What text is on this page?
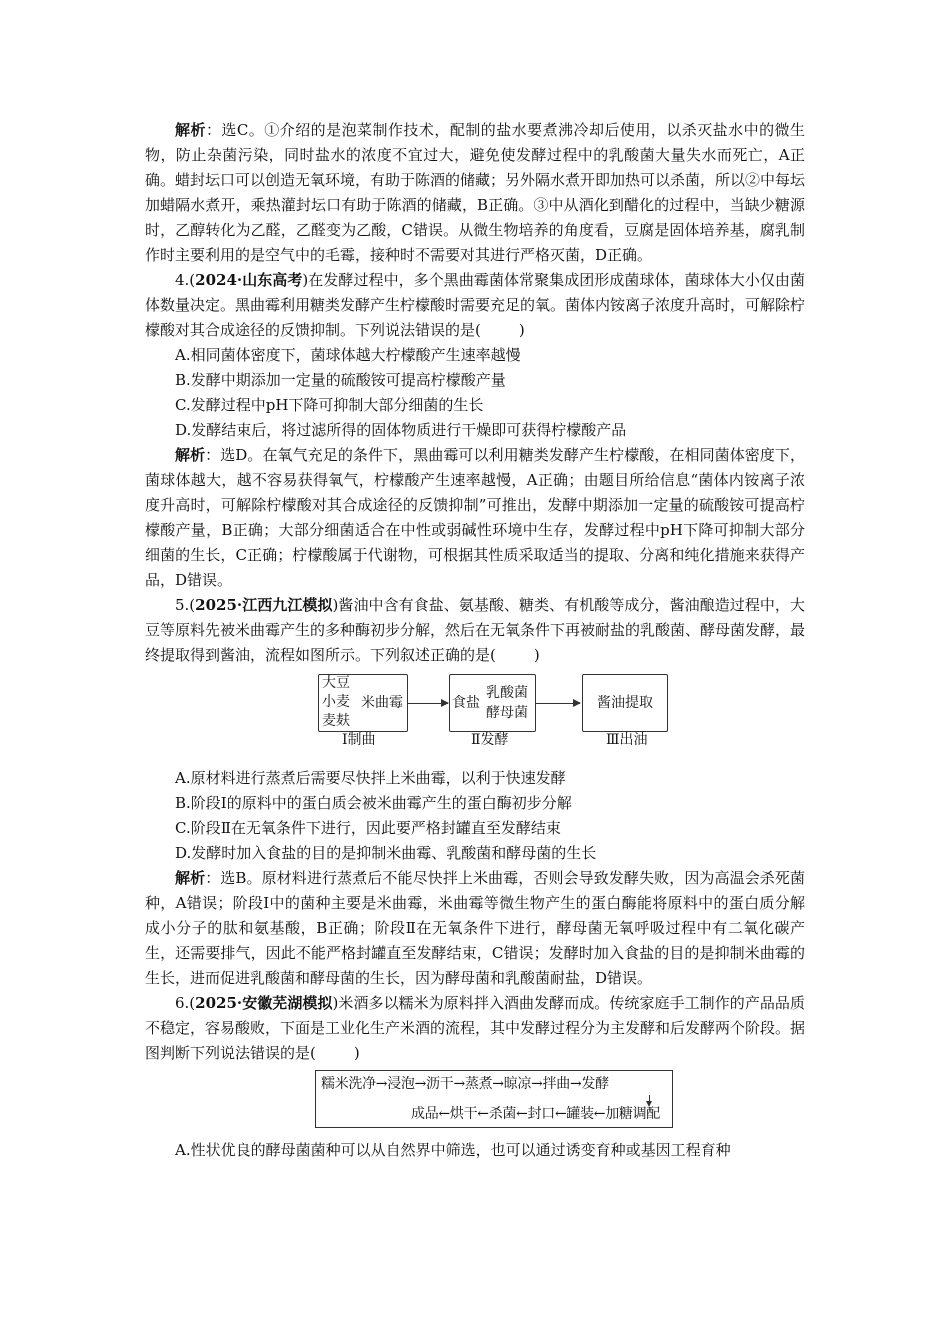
解析：选C。①介绍的是泡菜制作技术，配制的盐水要煮沸冷却后使用，以杀灭盐水中的微生物，防止杂菌污染，同时盐水的浓度不宜过大，避免使发酵过程中的乳酸菌大量失水而死亡，A正确。蜡封坛口可以创造无氧环境，有助于陈酒的储藏；另外隔水煮开即加热可以杀菌，所以②中每坛加蜡隔水煮开，乘热灌封坛口有助于陈酒的储藏，B正确。③中从酒化到醋化的过程中，当缺少糖源时，乙醇转化为乙醛，乙醛变为乙酸，C错误。从微生物培养的角度看，豆腐是固体培养基，腐乳制作时主要利用的是空气中的毛霉，接种时不需要对其进行严格灭菌，D正确。

4.(2024·山东高考)在发酵过程中，多个黑曲霉菌体常聚集成团形成菌球体，菌球体大小仅由菌体数量决定。黑曲霉利用糖类发酵产生柠檬酸时需要充足的氧。菌体内铵离子浓度升高时，可解除柠檬酸对其合成途径的反馈抑制。下列说法错误的是(	)

A.相同菌体密度下，菌球体越大柠檬酸产生速率越慢

B.发酵中期添加一定量的硫酸铵可提高柠檬酸产量

C.发酵过程中pH下降可抑制大部分细菌的生长

D.发酵结束后，将过滤所得的固体物质进行干燥即可获得柠檬酸产品

解析：选D。在氧气充足的条件下，黑曲霉可以利用糖类发酵产生柠檬酸，在相同菌体密度下，菌球体越大，越不容易获得氧气，柠檬酸产生速率越慢，A正确；由题目所给信息“菌体内铵离子浓度升高时，可解除柠檬酸对其合成途径的反馈抑制”可推出，发酵中期添加一定量的硫酸铵可提高柠檬酸产量，B正确；大部分细菌适合在中性或弱碱性环境中生存，发酵过程中pH下降可抑制大部分细菌的生长，C正确；柠檬酸属于代谢物，可根据其性质采取适当的提取、分离和纯化措施来获得产品，D错误。

5.(2025·江西九江模拟)酱油中含有食盐、氨基酸、糖类、有机酸等成分，酱油酿造过程中，大豆等原料先被米曲霉产生的多种酶初步分解，然后在无氧条件下再被耐盐的乳酸菌、酵母菌发酵，最终提取得到酱油，流程如图所示。下列叙述正确的是(	)

大豆
小麦
麦麸
米曲霉	食盐
乳酸菌
酵母菌
酱油提取
Ⅰ制曲	Ⅱ发酵	Ⅲ出油

A.原材料进行蒸煮后需要尽快拌上米曲霉，以利于快速发酵

B.阶段Ⅰ的原料中的蛋白质会被米曲霉产生的蛋白酶初步分解

C.阶段Ⅱ在无氧条件下进行，因此要严格封罐直至发酵结束

D.发酵时加入食盐的目的是抑制米曲霉、乳酸菌和酵母菌的生长

解析：选B。原材料进行蒸煮后不能尽快拌上米曲霉，否则会导致发酵失败，因为高温会杀死菌种，A错误；阶段Ⅰ中的菌种主要是米曲霉，米曲霉等微生物产生的蛋白酶能将原料中的蛋白质分解成小分子的肽和氨基酸，B正确；阶段Ⅱ在无氧条件下进行，酵母菌无氧呼吸过程中有二氧化碳产生，还需要排气，因此不能严格封罐直至发酵结束，C错误；发酵时加入食盐的目的是抑制米曲霉的生长，进而促进乳酸菌和酵母菌的生长，因为酵母菌和乳酸菌耐盐，D错误。

6.(2025·安徽芜湖模拟)米酒多以糯米为原料拌入酒曲发酵而成。传统家庭手工制作的产品品质不稳定，容易酸败，下面是工业化生产米酒的流程，其中发酵过程分为主发酵和后发酵两个阶段。据图判断下列说法错误的是(	)

糯米洗净→浸泡→沥干→蒸煮→晾凉→拌曲→发酵
成品←烘干←杀菌←封口←罐装←加糖调配

A.性状优良的酵母菌菌种可以从自然界中筛选，也可以通过诱变育种或基因工程育种
